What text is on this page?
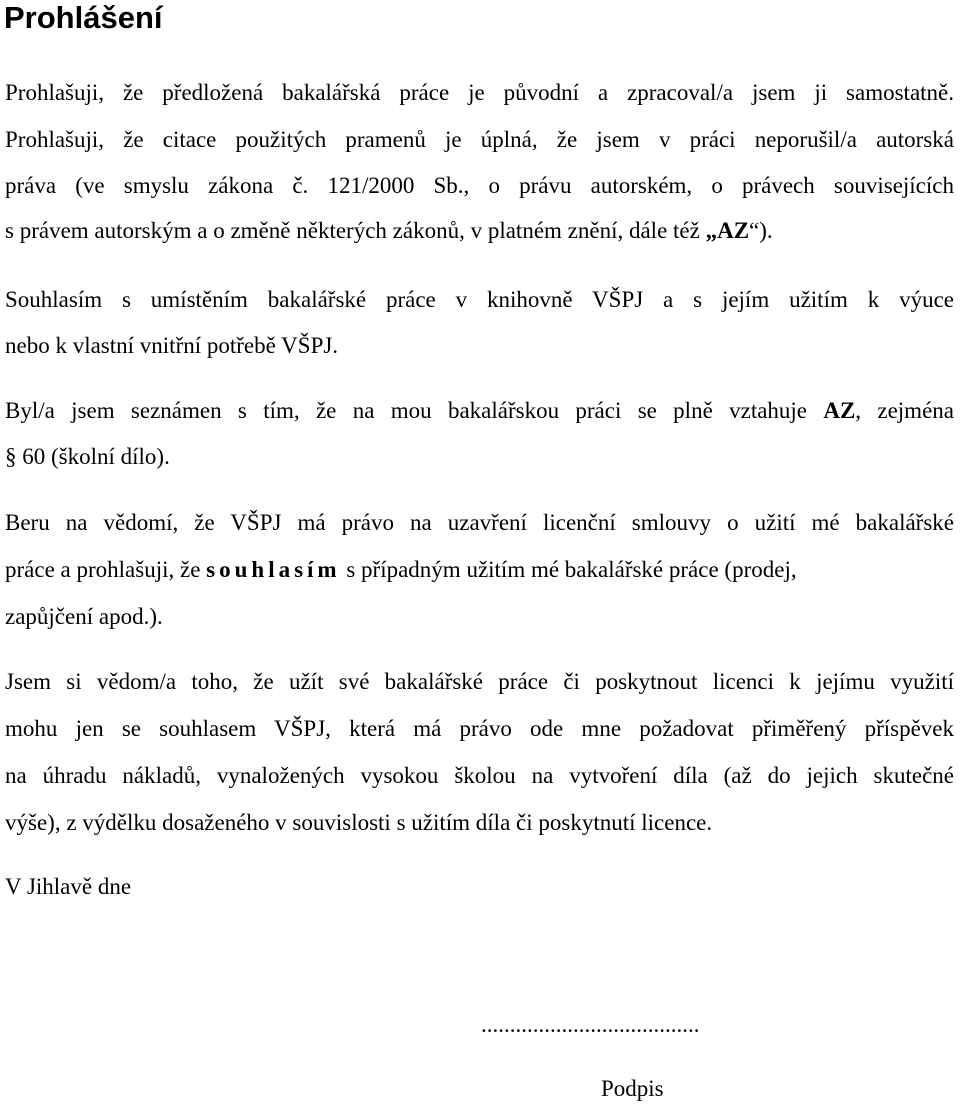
Prohlášení
Prohlašuji, že předložená bakalářská práce je původní a zpracoval/a jsem ji samostatně.
Prohlašuji, že citace použitých pramenů je úplná, že jsem v práci neporušil/a autorská
práva (ve smyslu zákona č. 121/2000 Sb., o právu autorském, o právech souvisejících
s právem autorským a o změně některých zákonů, v platném znění, dále též „AZ“).
Souhlasím s umístěním bakalářské práce v knihovně VŠPJ a s jejím užitím k výuce
nebo k vlastní vnitřní potřebě VŠPJ.
Byl/a jsem seznámen s tím, že na mou bakalářskou práci se plně vztahuje AZ, zejména
§ 60 (školní dílo).
Beru na vědomí, že VŠPJ má právo na uzavření licenční smlouvy o užití mé bakalářské
práce a prohlašuji, že souhlasím s případným užitím mé bakalářské práce (prodej,
zapůjčení apod.).
Jsem si vědom/a toho, že užít své bakalářské práce či poskytnout licenci k jejímu využití
mohu jen se souhlasem VŠPJ, která má právo ode mne požadovat přiměřený příspěvek
na úhradu nákladů, vynaložených vysokou školou na vytvoření díla (až do jejich skutečné
výše), z výdělku dosaženého v souvislosti s užitím díla či poskytnutí licence.
V Jihlavě dne
......................................
Podpis
